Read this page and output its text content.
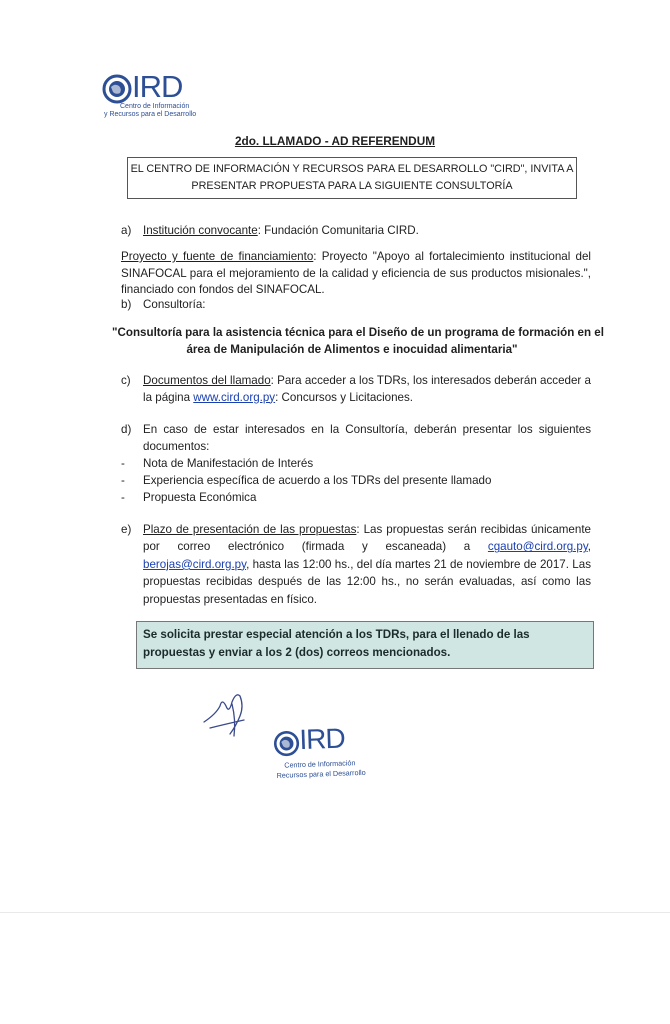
IRD
Centro de Información
y Recursos para el Desarrollo
2do. LLAMADO - AD REFERENDUM
EL CENTRO DE INFORMACIÓN Y RECURSOS PARA EL DESARROLLO "CIRD", INVITA A
PRESENTAR PROPUESTA PARA LA SIGUIENTE CONSULTORÍA
a) Institución convocante: Fundación Comunitaria CIRD.
Proyecto y fuente de financiamiento: Proyecto "Apoyo al fortalecimiento institucional del SINAFOCAL para el mejoramiento de la calidad y eficiencia de sus productos misionales.", financiado con fondos del SINAFOCAL.
b) Consultoría:
"Consultoría para la asistencia técnica para el Diseño de un programa de formación en el
área de Manipulación de Alimentos e inocuidad alimentaria"
c)	Documentos del llamado: Para acceder a los TDRs, los interesados deberán acceder a la página www.cird.org.py: Concursos y Licitaciones.
d)	En caso de estar interesados en la Consultoría, deberán presentar los siguientes documentos:
-	Nota de Manifestación de Interés
-	Experiencia específica de acuerdo a los TDRs del presente llamado
-	Propuesta Económica
e)	Plazo de presentación de las propuestas: Las propuestas serán recibidas únicamente por correo electrónico (firmada y escaneada) a cgauto@cird.org.py, berojas@cird.org.py, hasta las 12:00 hs., del día martes 21 de noviembre de 2017. Las propuestas recibidas después de las 12:00 hs., no serán evaluadas, así como las propuestas presentadas en físico.
Se solicita prestar especial atención a los TDRs, para el llenado de las propuestas y enviar a los 2 (dos) correos mencionados.
IRD
Centro de Información
Recursos para el Desarrollo
